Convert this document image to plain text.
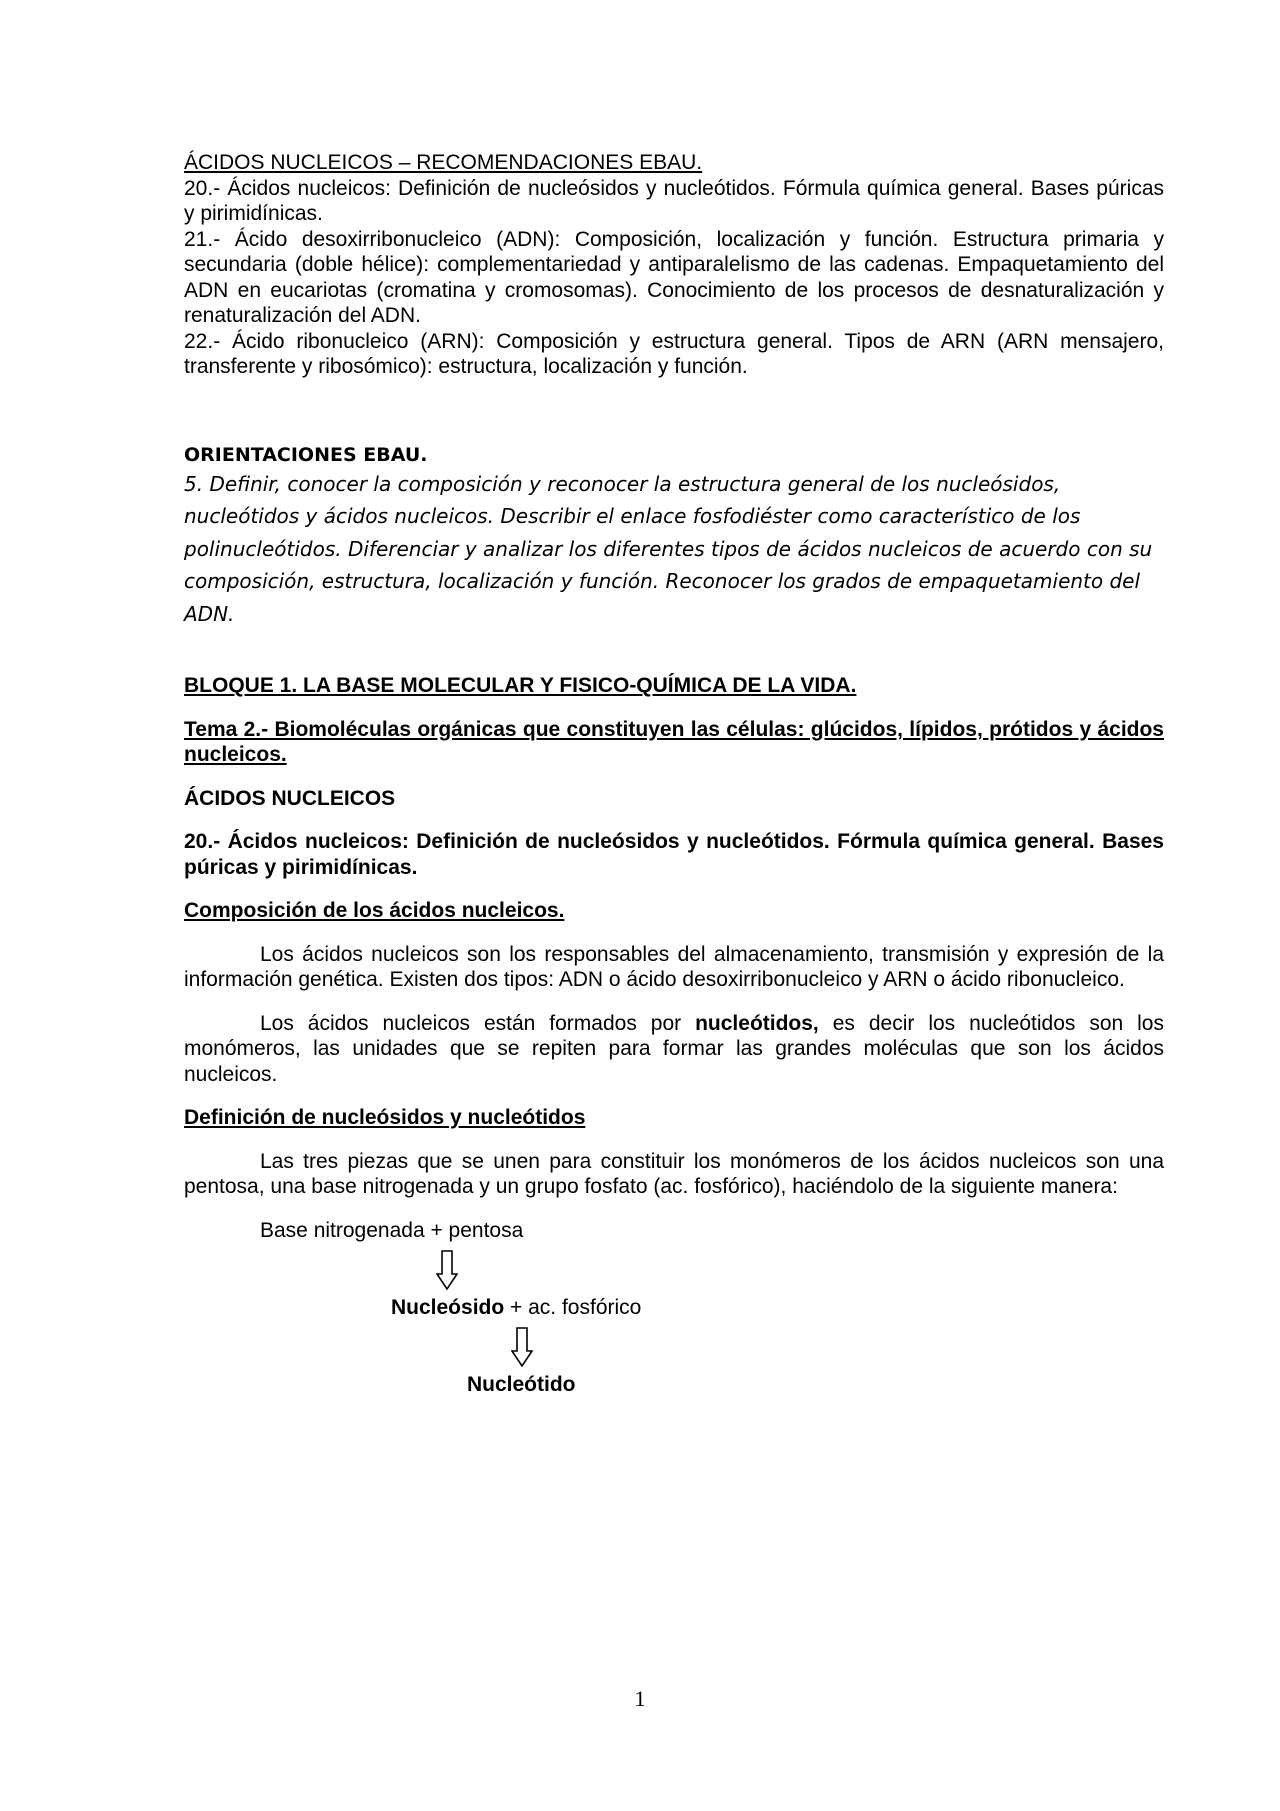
ÁCIDOS NUCLEICOS – RECOMENDACIONES EBAU.

20.- Ácidos nucleicos: Definición de nucleósidos y nucleótidos. Fórmula química general. Bases púricas y pirimidínicas.

21.- Ácido desoxirribonucleico (ADN): Composición, localización y función. Estructura primaria y secundaria (doble hélice): complementariedad y antiparalelismo de las cadenas. Empaquetamiento del ADN en eucariotas (cromatina y cromosomas). Conocimiento de los procesos de desnaturalización y renaturalización del ADN.

22.- Ácido ribonucleico (ARN): Composición y estructura general. Tipos de ARN (ARN mensajero, transferente y ribosómico): estructura, localización y función.

ORIENTACIONES EBAU.

5. Definir, conocer la composición y reconocer la estructura general de los nucleósidos, nucleótidos y ácidos nucleicos. Describir el enlace fosfodiéster como característico de los polinucleótidos. Diferenciar y analizar los diferentes tipos de ácidos nucleicos de acuerdo con su composición, estructura, localización y función. Reconocer los grados de empaquetamiento del ADN.

BLOQUE 1. LA BASE MOLECULAR Y FISICO-QUÍMICA DE LA VIDA.

Tema 2.- Biomoléculas orgánicas que constituyen las células: glúcidos, lípidos, prótidos y ácidos nucleicos.

ÁCIDOS NUCLEICOS

20.- Ácidos nucleicos: Definición de nucleósidos y nucleótidos. Fórmula química general. Bases púricas y pirimidínicas.

Composición de los ácidos nucleicos.

Los ácidos nucleicos son los responsables del almacenamiento, transmisión y expresión de la información genética. Existen dos tipos: ADN o ácido desoxirribonucleico y ARN o ácido ribonucleico.

Los ácidos nucleicos están formados por nucleótidos, es decir los nucleótidos son los monómeros, las unidades que se repiten para formar las grandes moléculas que son los ácidos nucleicos.

Definición de nucleósidos y nucleótidos

Las tres piezas que se unen para constituir los monómeros de los ácidos nucleicos son una pentosa, una base nitrogenada y un grupo fosfato (ac. fosfórico), haciéndolo de la siguiente manera:

Base nitrogenada + pentosa
Nucleósido + ac. fosfórico
Nucleótido
1
